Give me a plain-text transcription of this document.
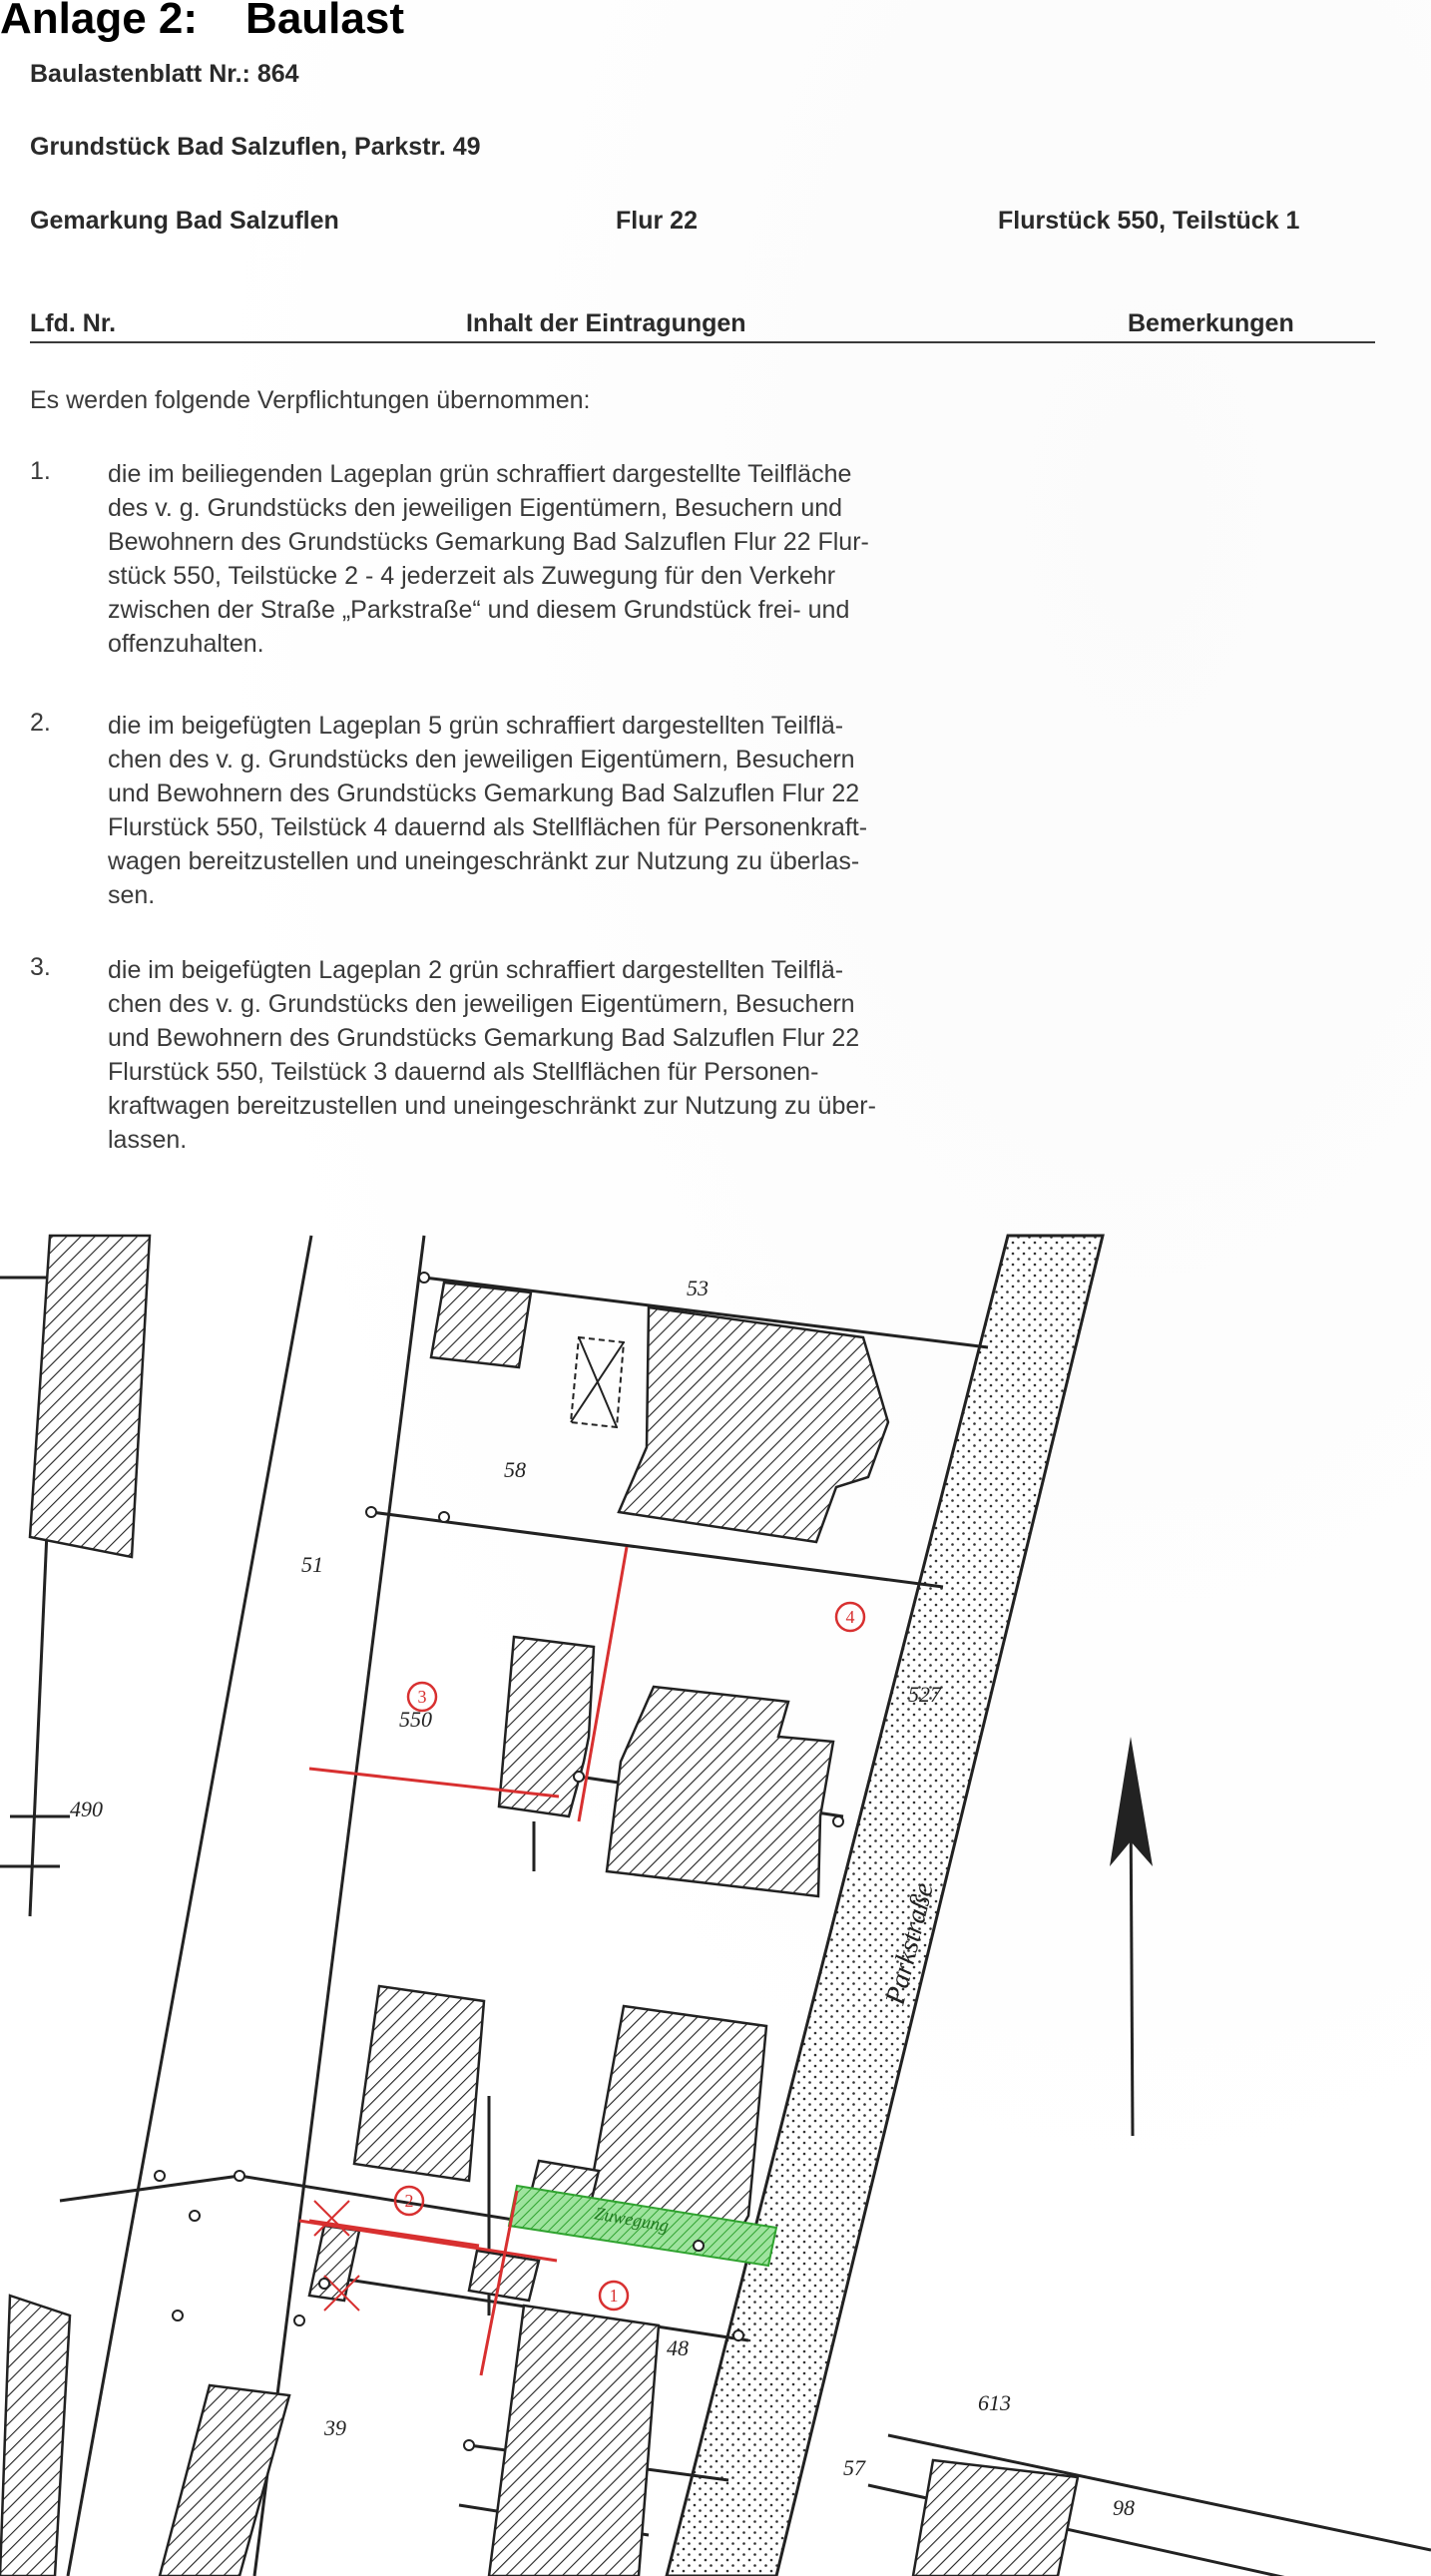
Anlage 2: Baulast
Baulastenblatt Nr.: 864
Grundstück Bad Salzuflen, Parkstr. 49
Gemarkung Bad Salzuflen	Flur 22	Flurstück 550, Teilstück 1
Lfd. Nr.	Inhalt der Eintragungen	Bemerkungen
Es werden folgende Verpflichtungen übernommen:
1. die im beiliegenden Lageplan grün schraffiert dargestellte Teilfläche
des v. g. Grundstücks den jeweiligen Eigentümern, Besuchern und
Bewohnern des Grundstücks Gemarkung Bad Salzuflen Flur 22 Flur-
stück 550, Teilstücke 2 - 4 jederzeit als Zuwegung für den Verkehr
zwischen der Straße „Parkstraße“ und diesem Grundstück frei- und
offenzuhalten.
2. die im beigefügten Lageplan 5 grün schraffiert dargestellten Teilflä-
chen des v. g. Grundstücks den jeweiligen Eigentümern, Besuchern
und Bewohnern des Grundstücks Gemarkung Bad Salzuflen Flur 22
Flurstück 550, Teilstück 4 dauernd als Stellflächen für Personenkraft-
wagen bereitzustellen und uneingeschränkt zur Nutzung zu überlas-
sen.
3. die im beigefügten Lageplan 2 grün schraffiert dargestellten Teilflä-
chen des v. g. Grundstücks den jeweiligen Eigentümern, Besuchern
und Bewohnern des Grundstücks Gemarkung Bad Salzuflen Flur 22
Flurstück 550, Teilstück 3 dauernd als Stellflächen für Personen-
kraftwagen bereitzustellen und uneingeschränkt zur Nutzung zu über-
lassen.
53
58
51
550
490
527
48
39
57
613
98
Parkstraße
Zuwegung
1
2
3
4
